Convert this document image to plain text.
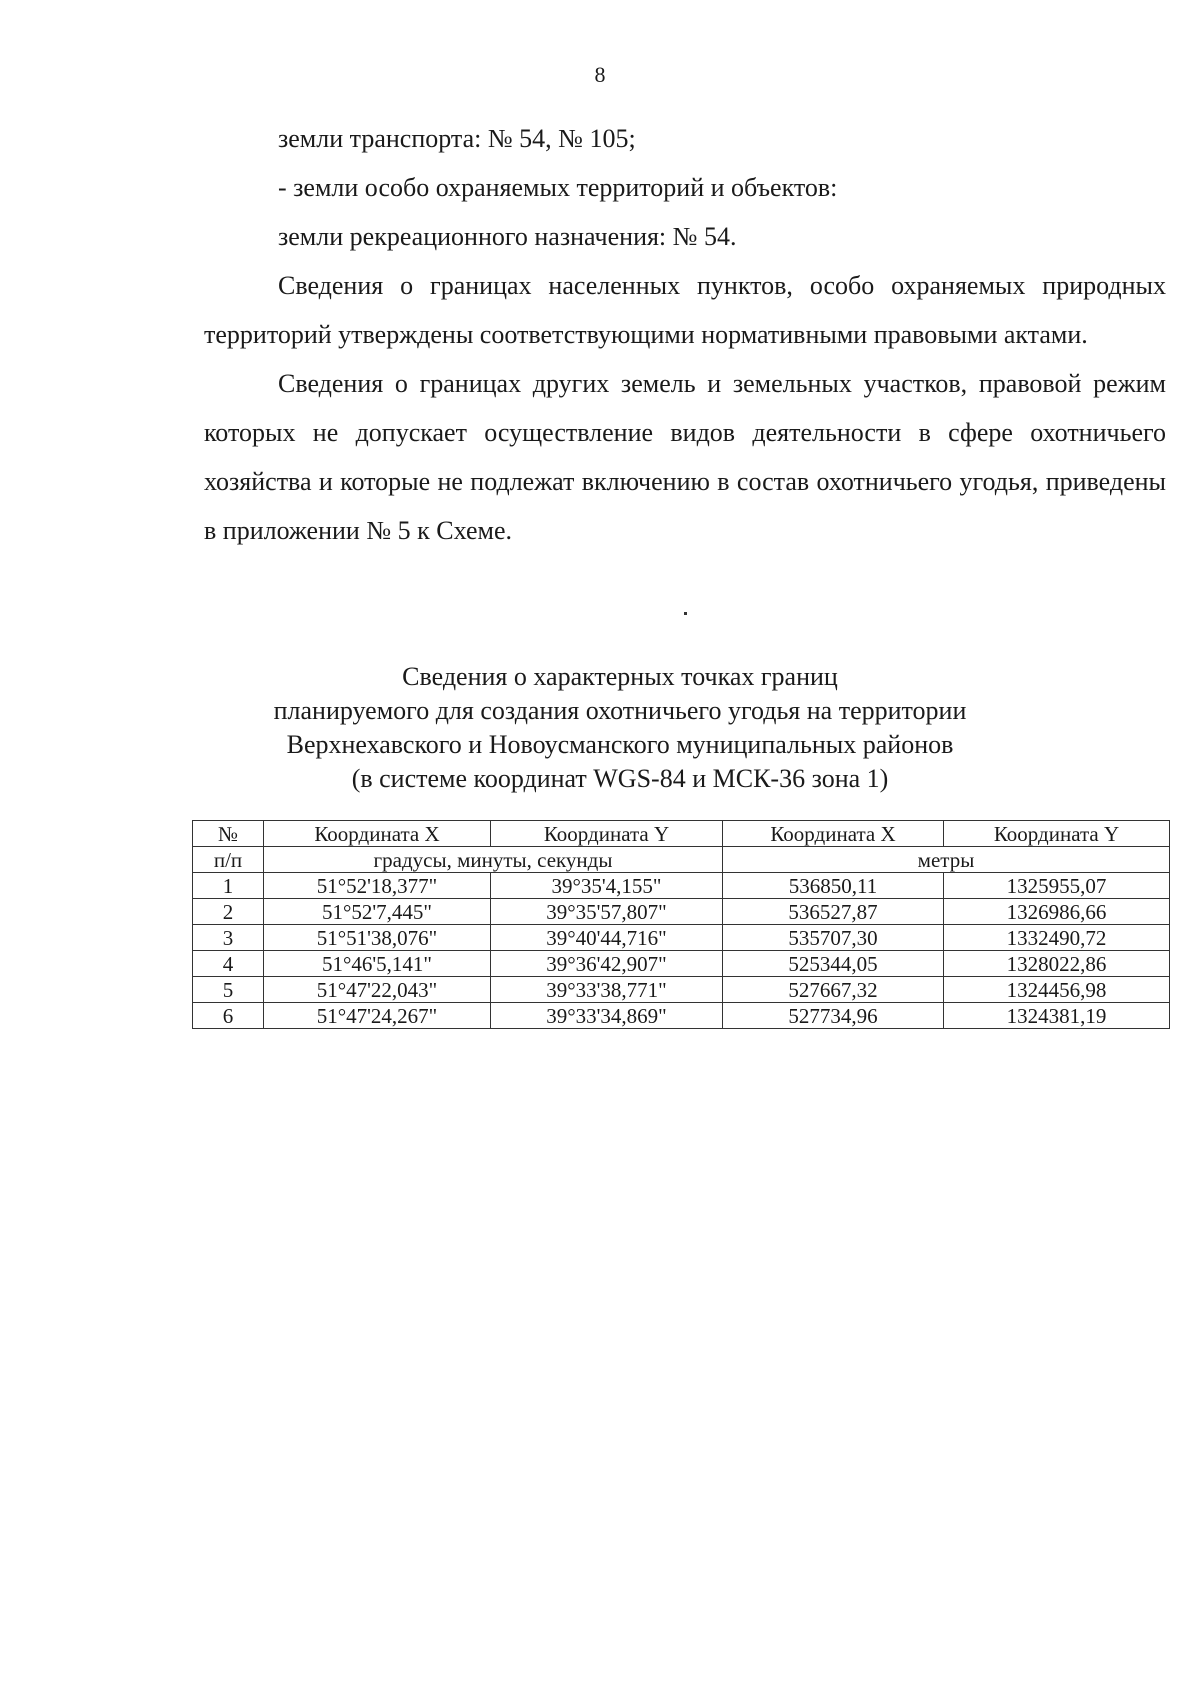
8

земли транспорта: № 54, № 105;

- земли особо охраняемых территорий и объектов:

земли рекреационного назначения: № 54.

Сведения о границах населенных пунктов, особо охраняемых природных территорий утверждены соответствующими нормативными правовыми актами.

Сведения о границах других земель и земельных участков, правовой режим которых не допускает осуществление видов деятельности в сфере охотничьего хозяйства и которые не подлежат включению в состав охотничьего угодья, приведены в приложении № 5 к Схеме.

Сведения о характерных точках границ
планируемого для создания охотничьего угодья на территории
Верхнехавского и Новоусманского муниципальных районов
(в системе координат WGS-84 и МСК-36 зона 1)
№	Координата X	Координата Y	Координата X	Координата Y
п/п	градусы, минуты, секунды		метры	
1	51°52'18,377"	39°35'4,155"	536850,11	1325955,07
2	51°52'7,445"	39°35'57,807"	536527,87	1326986,66
3	51°51'38,076"	39°40'44,716"	535707,30	1332490,72
4	51°46'5,141"	39°36'42,907"	525344,05	1328022,86
5	51°47'22,043"	39°33'38,771"	527667,32	1324456,98
6	51°47'24,267"	39°33'34,869"	527734,96	1324381,19
